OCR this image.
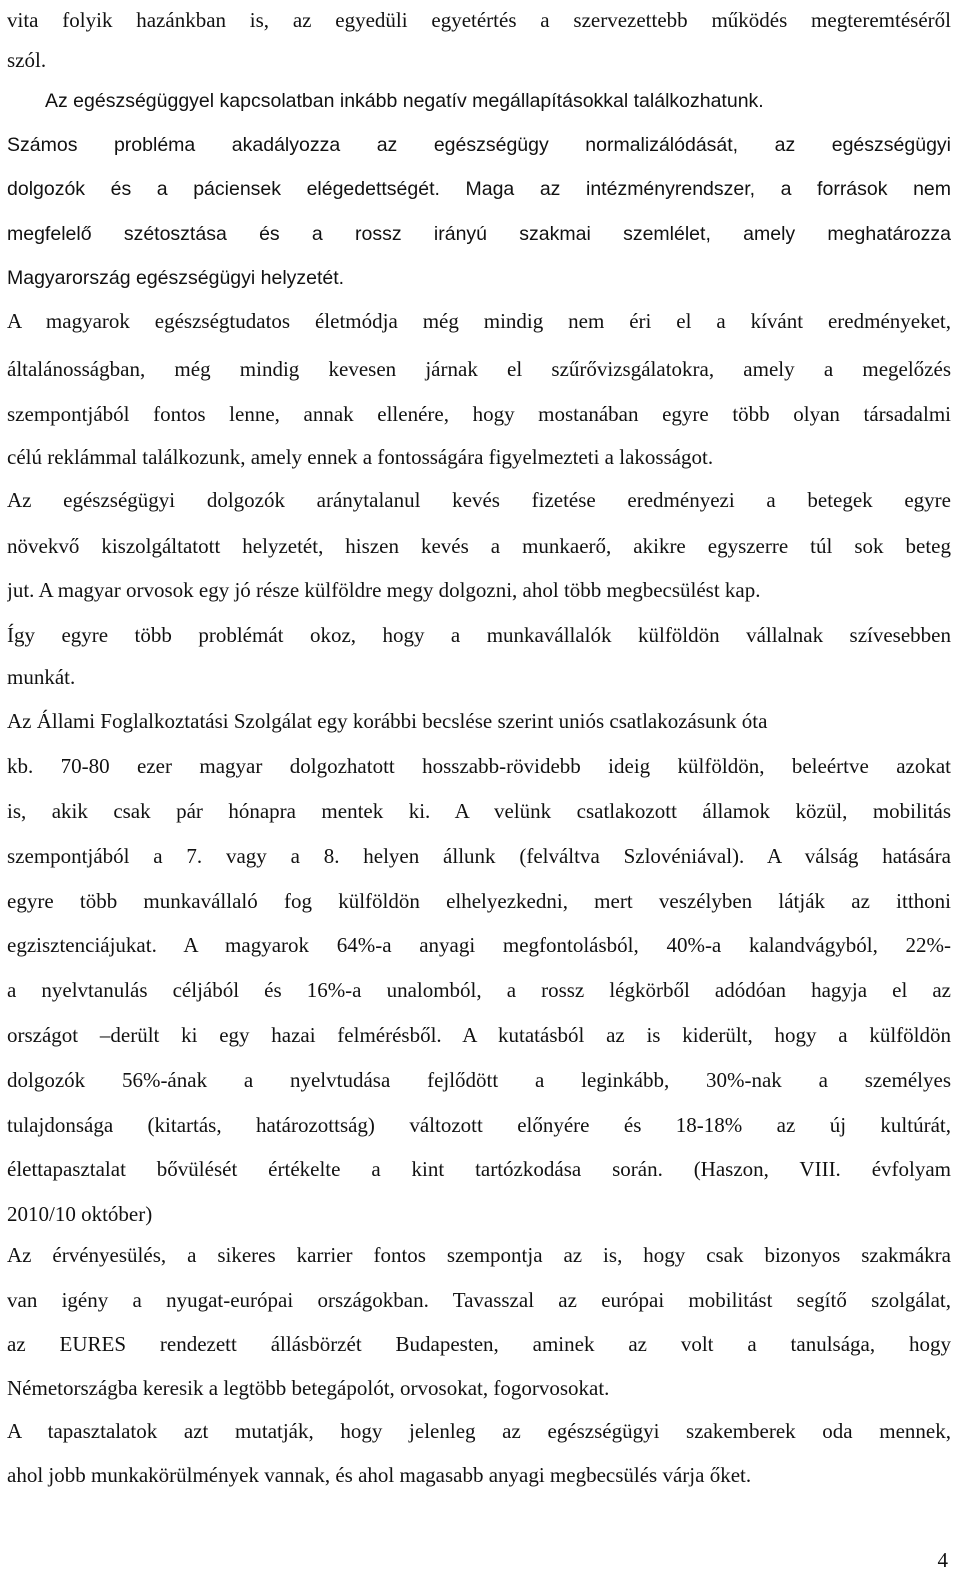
vita folyik hazánkban is, az egyedüli egyetértés a szervezettebb működés megteremtéséről
szól.
Az egészségüggyel kapcsolatban inkább negatív megállapításokkal találkozhatunk.
Számos probléma akadályozza az egészségügy normalizálódását, az egészségügyi
dolgozók és a páciensek elégedettségét. Maga az intézményrendszer, a források nem
megfelelő szétosztása és a rossz irányú szakmai szemlélet, amely meghatározza
Magyarország egészségügyi helyzetét.
A magyarok egészségtudatos életmódja még mindig nem éri el a kívánt eredményeket,
általánosságban, még mindig kevesen járnak el szűrővizsgálatokra, amely a megelőzés
szempontjából fontos lenne, annak ellenére, hogy mostanában egyre több olyan társadalmi
célú reklámmal találkozunk, amely ennek a fontosságára figyelmezteti a lakosságot.
Az egészségügyi dolgozók aránytalanul kevés fizetése eredményezi a betegek egyre
növekvő kiszolgáltatott helyzetét, hiszen kevés a munkaerő, akikre egyszerre túl sok beteg
jut. A magyar orvosok egy jó része külföldre megy dolgozni, ahol több megbecsülést kap.
Így egyre több problémát okoz, hogy a munkavállalók külföldön vállalnak szívesebben
munkát.
Az Állami Foglalkoztatási Szolgálat egy korábbi becslése szerint uniós csatlakozásunk óta
kb. 70-80 ezer magyar dolgozhatott hosszabb-rövidebb ideig külföldön, beleértve azokat
is, akik csak pár hónapra mentek ki. A velünk csatlakozott államok közül, mobilitás
szempontjából a 7. vagy a 8. helyen állunk (felváltva Szlovéniával). A válság hatására
egyre több munkavállaló fog külföldön elhelyezkedni, mert veszélyben látják az itthoni
egzisztenciájukat. A magyarok 64%-a anyagi megfontolásból, 40%-a kalandvágyból, 22%-
a nyelvtanulás céljából és 16%-a unalomból, a rossz légkörből adódóan hagyja el az
országot –derült ki egy hazai felmérésből. A kutatásból az is kiderült, hogy a külföldön
dolgozók 56%-ának a nyelvtudása fejlődött a leginkább, 30%-nak a személyes
tulajdonsága (kitartás, határozottság) változott előnyére és 18-18% az új kultúrát,
élettapasztalat bővülését értékelte a kint tartózkodása során. (Haszon, VIII. évfolyam
2010/10 október)
Az érvényesülés, a sikeres karrier fontos szempontja az is, hogy csak bizonyos szakmákra
van igény a nyugat-európai országokban. Tavasszal az európai mobilitást segítő szolgálat,
az EURES rendezett állásbörzét Budapesten, aminek az volt a tanulsága, hogy
Németországba keresik a legtöbb betegápolót, orvosokat, fogorvosokat.
A tapasztalatok azt mutatják, hogy jelenleg az egészségügyi szakemberek oda mennek,
ahol jobb munkakörülmények vannak, és ahol magasabb anyagi megbecsülés várja őket.
4
